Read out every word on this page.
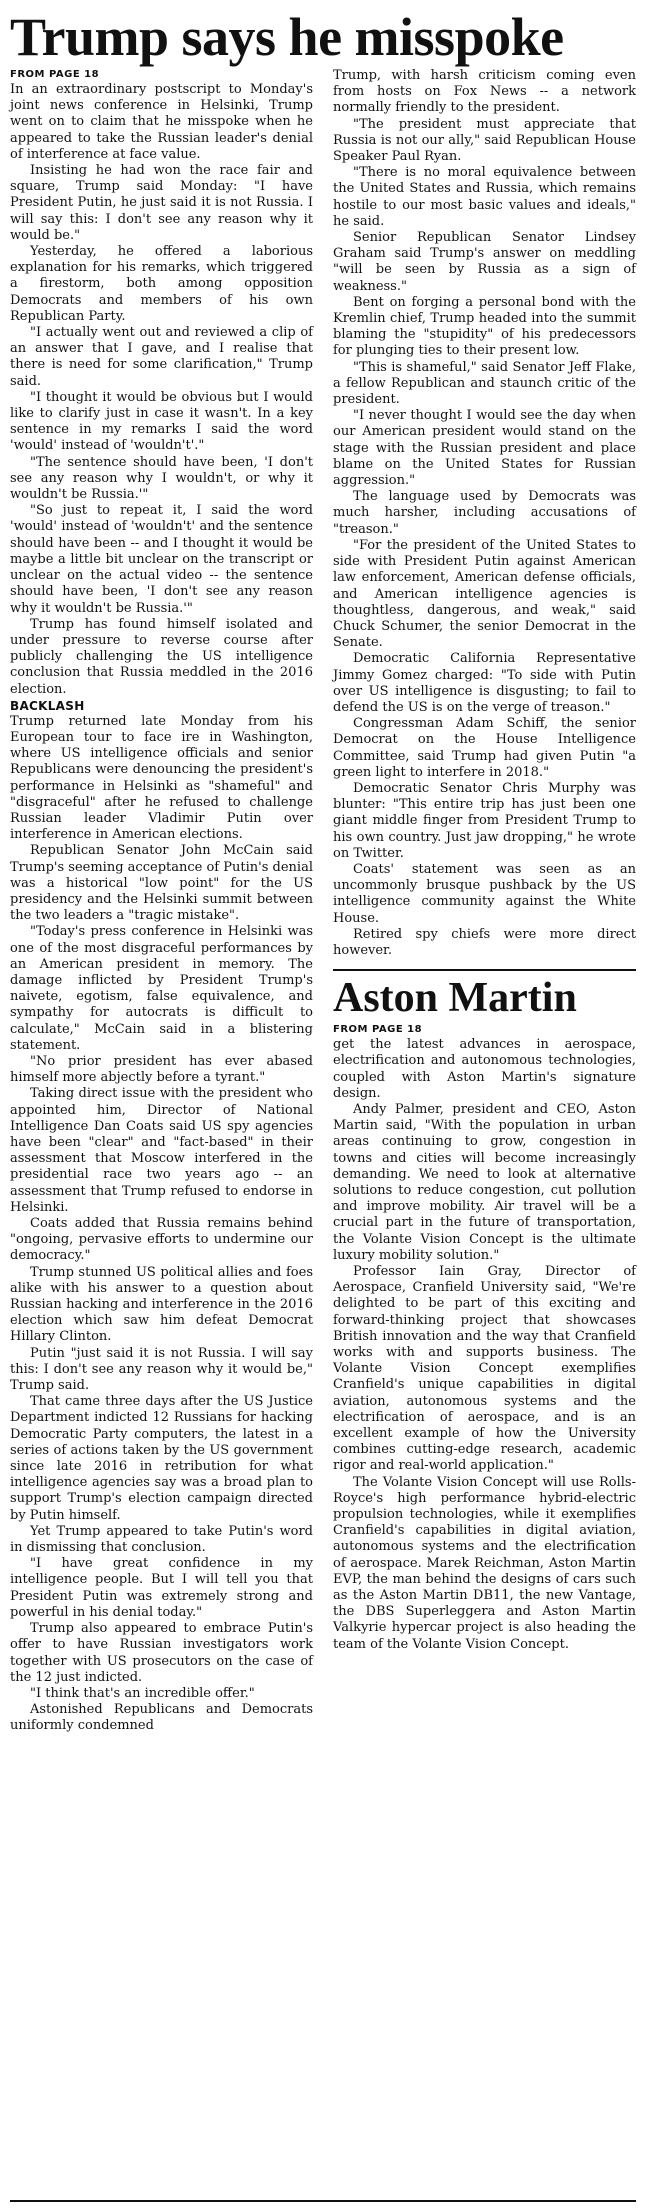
Trump says he misspoke

FROM PAGE 18

In an extraordinary postscript to Monday's joint news conference in Helsinki, Trump went on to claim that he misspoke when he appeared to take the Russian leader's denial of interference at face value.

Insisting he had won the race fair and square, Trump said Monday: "I have President Putin, he just said it is not Russia. I will say this: I don't see any reason why it would be."

Yesterday, he offered a laborious explanation for his remarks, which triggered a firestorm, both among opposition Democrats and members of his own Republican Party.

"I actually went out and reviewed a clip of an answer that I gave, and I realise that there is need for some clarification," Trump said.

"I thought it would be obvious but I would like to clarify just in case it wasn't. In a key sentence in my remarks I said the word 'would' instead of 'wouldn't'."

"The sentence should have been, 'I don't see any reason why I wouldn't, or why it wouldn't be Russia.'"

"So just to repeat it, I said the word 'would' instead of 'wouldn't' and the sentence should have been -- and I thought it would be maybe a little bit unclear on the transcript or unclear on the actual video -- the sentence should have been, 'I don't see any reason why it wouldn't be Russia.'"

Trump has found himself isolated and under pressure to reverse course after publicly challenging the US intelligence conclusion that Russia meddled in the 2016 election.

BACKLASH

Trump returned late Monday from his European tour to face ire in Washington, where US intelligence officials and senior Republicans were denouncing the president's performance in Helsinki as "shameful" and "disgraceful" after he refused to challenge Russian leader Vladimir Putin over interference in American elections.

Republican Senator John McCain said Trump's seeming acceptance of Putin's denial was a historical "low point" for the US presidency and the Helsinki summit between the two leaders a "tragic mistake".

"Today's press conference in Helsinki was one of the most disgraceful performances by an American president in memory. The damage inflicted by President Trump's naivete, egotism, false equivalence, and sympathy for autocrats is difficult to calculate," McCain said in a blistering statement.

"No prior president has ever abased himself more abjectly before a tyrant."

Taking direct issue with the president who appointed him, Director of National Intelligence Dan Coats said US spy agencies have been "clear" and "fact-based" in their assessment that Moscow interfered in the presidential race two years ago -- an assessment that Trump refused to endorse in Helsinki.

Coats added that Russia remains behind "ongoing, pervasive efforts to undermine our democracy."

Trump stunned US political allies and foes alike with his answer to a question about Russian hacking and interference in the 2016 election which saw him defeat Democrat Hillary Clinton.

Putin "just said it is not Russia. I will say this: I don't see any reason why it would be," Trump said.

That came three days after the US Justice Department indicted 12 Russians for hacking Democratic Party computers, the latest in a series of actions taken by the US government since late 2016 in retribution for what intelligence agencies say was a broad plan to support Trump's election campaign directed by Putin himself.

Yet Trump appeared to take Putin's word in dismissing that conclusion.

"I have great confidence in my intelligence people. But I will tell you that President Putin was extremely strong and powerful in his denial today."

Trump also appeared to embrace Putin's offer to have Russian investigators work together with US prosecutors on the case of the 12 just indicted.

"I think that's an incredible offer."

Astonished Republicans and Democrats uniformly condemned

Trump, with harsh criticism coming even from hosts on Fox News -- a network normally friendly to the president.

"The president must appreciate that Russia is not our ally," said Republican House Speaker Paul Ryan.

"There is no moral equivalence between the United States and Russia, which remains hostile to our most basic values and ideals," he said.

Senior Republican Senator Lindsey Graham said Trump's answer on meddling "will be seen by Russia as a sign of weakness."

Bent on forging a personal bond with the Kremlin chief, Trump headed into the summit blaming the "stupidity" of his predecessors for plunging ties to their present low.

"This is shameful," said Senator Jeff Flake, a fellow Republican and staunch critic of the president.

"I never thought I would see the day when our American president would stand on the stage with the Russian president and place blame on the United States for Russian aggression."

The language used by Democrats was much harsher, including accusations of "treason."

"For the president of the United States to side with President Putin against American law enforcement, American defense officials, and American intelligence agencies is thoughtless, dangerous, and weak," said Chuck Schumer, the senior Democrat in the Senate.

Democratic California Representative Jimmy Gomez charged: "To side with Putin over US intelligence is disgusting; to fail to defend the US is on the verge of treason."

Congressman Adam Schiff, the senior Democrat on the House Intelligence Committee, said Trump had given Putin "a green light to interfere in 2018."

Democratic Senator Chris Murphy was blunter: "This entire trip has just been one giant middle finger from President Trump to his own country. Just jaw dropping," he wrote on Twitter.

Coats' statement was seen as an uncommonly brusque pushback by the US intelligence community against the White House.

Retired spy chiefs were more direct however.

Aston Martin

FROM PAGE 18

get the latest advances in aerospace, electrification and autonomous technologies, coupled with Aston Martin's signature design.

Andy Palmer, president and CEO, Aston Martin said, "With the population in urban areas continuing to grow, congestion in towns and cities will become increasingly demanding. We need to look at alternative solutions to reduce congestion, cut pollution and improve mobility. Air travel will be a crucial part in the future of transportation, the Volante Vision Concept is the ultimate luxury mobility solution."

Professor Iain Gray, Director of Aerospace, Cranfield University said, "We're delighted to be part of this exciting and forward-thinking project that showcases British innovation and the way that Cranfield works with and supports business. The Volante Vision Concept exemplifies Cranfield's unique capabilities in digital aviation, autonomous systems and the electrification of aerospace, and is an excellent example of how the University combines cutting-edge research, academic rigor and real-world application."

The Volante Vision Concept will use Rolls-Royce's high performance hybrid-electric propulsion technologies, while it exemplifies Cranfield's capabilities in digital aviation, autonomous systems and the electrification of aerospace. Marek Reichman, Aston Martin EVP, the man behind the designs of cars such as the Aston Martin DB11, the new Vantage, the DBS Superleggera and Aston Martin Valkyrie hypercar project is also heading the team of the Volante Vision Concept.
